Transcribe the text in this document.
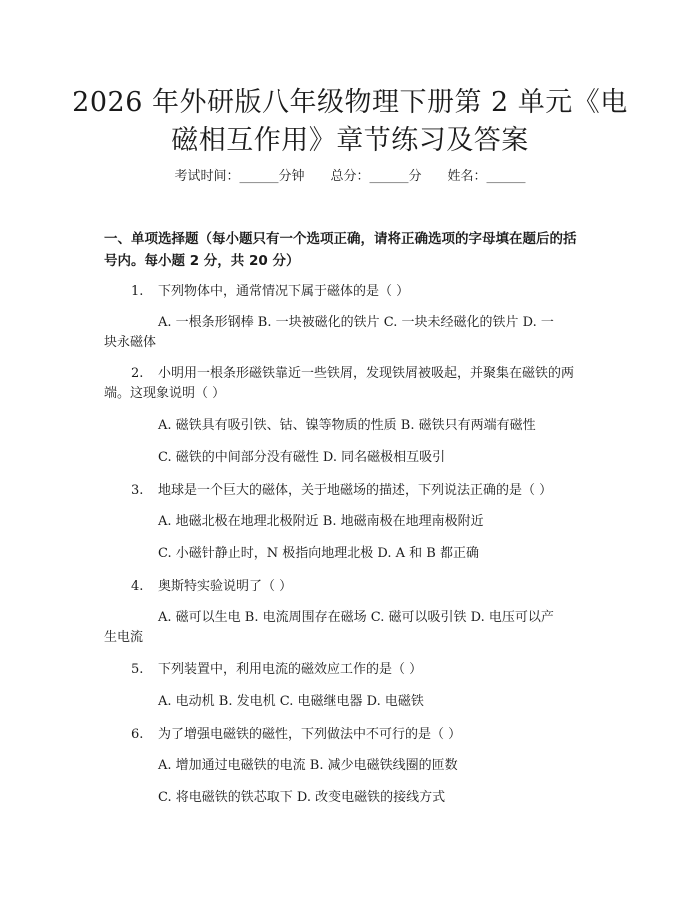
2026 年外研版八年级物理下册第 2 单元《电
磁相互作用》章节练习及答案
考试时间：______分钟 总分：______分 姓名：______
一、单项选择题（每小题只有一个选项正确，请将正确选项的字母填在题后的括
号内。每小题 2 分，共 20 分）
1. 下列物体中，通常情况下属于磁体的是（ ）
A. 一根条形钢棒 B. 一块被磁化的铁片 C. 一块未经磁化的铁片 D. 一
块永磁体
2. 小明用一根条形磁铁靠近一些铁屑，发现铁屑被吸起，并聚集在磁铁的两
端。这现象说明（ ）
A. 磁铁具有吸引铁、钴、镍等物质的性质 B. 磁铁只有两端有磁性
C. 磁铁的中间部分没有磁性 D. 同名磁极相互吸引
3. 地球是一个巨大的磁体，关于地磁场的描述，下列说法正确的是（ ）
A. 地磁北极在地理北极附近 B. 地磁南极在地理南极附近
C. 小磁针静止时，N 极指向地理北极 D. A 和 B 都正确
4. 奥斯特实验说明了（ ）
A. 磁可以生电 B. 电流周围存在磁场 C. 磁可以吸引铁 D. 电压可以产
生电流
5. 下列装置中，利用电流的磁效应工作的是（ ）
A. 电动机 B. 发电机 C. 电磁继电器 D. 电磁铁
6. 为了增强电磁铁的磁性，下列做法中不可行的是（ ）
A. 增加通过电磁铁的电流 B. 减少电磁铁线圈的匝数
C. 将电磁铁的铁芯取下 D. 改变电磁铁的接线方式
